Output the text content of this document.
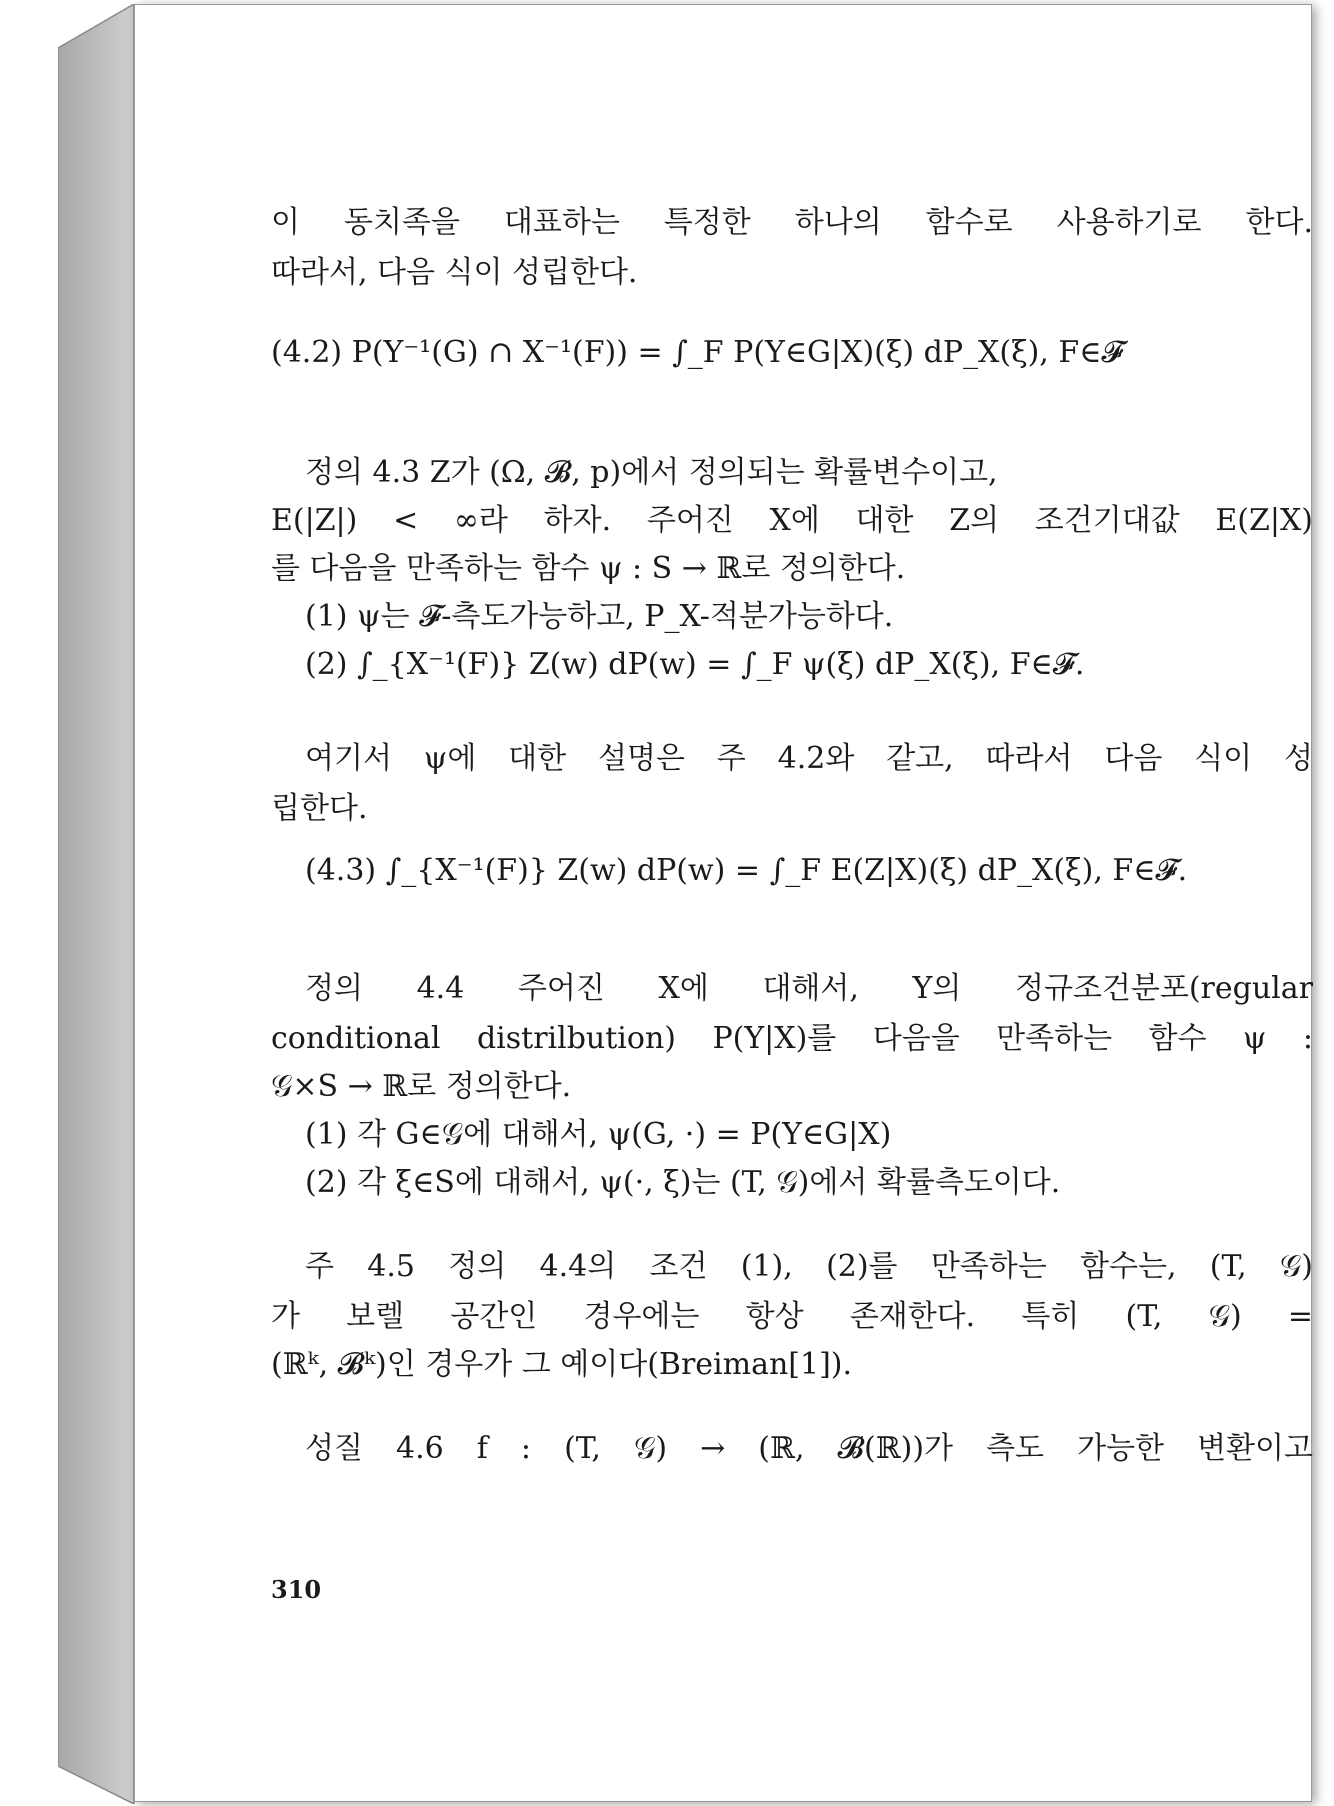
이 동치족을 대표하는 특정한 하나의 함수로 사용하기로 한다.
따라서, 다음 식이 성립한다.
(4.2) P(Y⁻¹(G) ∩ X⁻¹(F)) = ∫_F P(Y∈G|X)(ξ) dP_X(ξ), F∈𝓕
정의 4.3 Z가 (Ω, 𝓑, p)에서 정의되는 확률변수이고,
E(|Z|) < ∞라 하자. 주어진 X에 대한 Z의 조건기대값 E(Z|X)
를 다음을 만족하는 함수 ψ : S → ℝ로 정의한다.
(1) ψ는 𝓕-측도가능하고, P_X-적분가능하다.
(2) ∫_{X⁻¹(F)} Z(w) dP(w) = ∫_F ψ(ξ) dP_X(ξ), F∈𝓕.
여기서 ψ에 대한 설명은 주 4.2와 같고, 따라서 다음 식이 성
립한다.
(4.3) ∫_{X⁻¹(F)} Z(w) dP(w) = ∫_F E(Z|X)(ξ) dP_X(ξ), F∈𝓕.
정의 4.4 주어진 X에 대해서, Y의 정규조건분포(regular
conditional distrilbution) P(Y|X)를 다음을 만족하는 함수 ψ :
𝒢×S → ℝ로 정의한다.
(1) 각 G∈𝒢에 대해서, ψ(G, ·) = P(Y∈G|X)
(2) 각 ξ∈S에 대해서, ψ(·, ξ)는 (T, 𝒢)에서 확률측도이다.
주 4.5 정의 4.4의 조건 (1), (2)를 만족하는 함수는, (T, 𝒢)
가 보렐 공간인 경우에는 항상 존재한다. 특히 (T, 𝒢) =
(ℝᵏ, 𝓑ᵏ)인 경우가 그 예이다(Breiman[1]).
성질 4.6 f : (T, 𝒢) → (ℝ, 𝓑(ℝ))가 측도 가능한 변환이고
310
